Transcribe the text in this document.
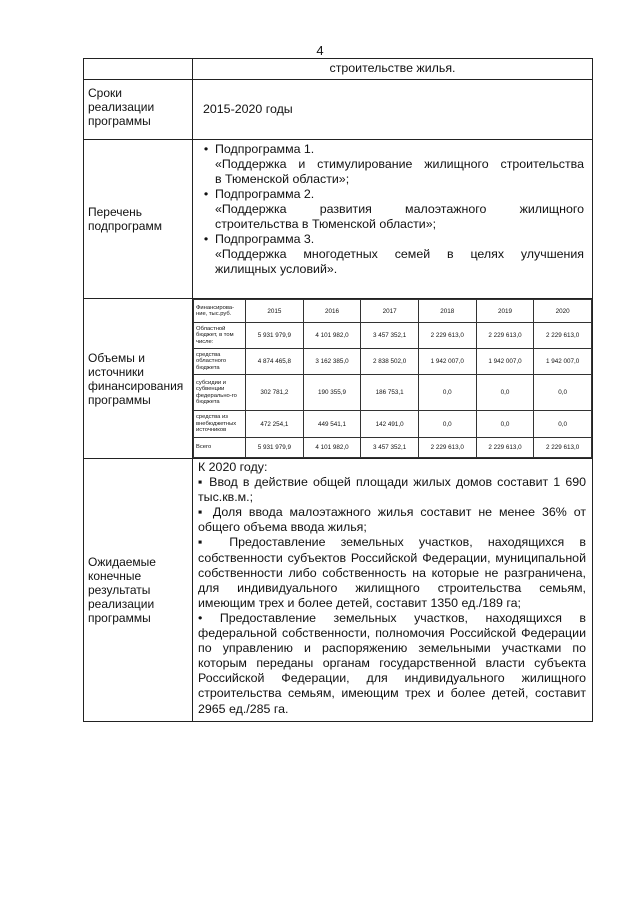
4
	строительстве жилья.
Сроки реализации программы	2015-2020 годы
Перечень подпрограмм	
• Подпрограмма 1.
«Поддержка и стимулирование жилищного строительства
в Тюменской области»;
• Подпрограмма 2.
«Поддержка развития малоэтажного жилищного
строительства в Тюменской области»;
• Подпрограмма 3.
«Поддержка многодетных семей в целях улучшения
жилищных условий».

Объемы и источники финансирования программы	
Финансирова-ние, тыс.руб.	2015	2016	2017	2018	2019	2020
Областной бюджет, в том числе:	5 931 979,9	4 101 982,0	3 457 352,1	2 229 613,0	2 229 613,0	2 229 613,0
средства областного бюджета	4 874 465,8	3 162 385,0	2 838 502,0	1 942 007,0	1 942 007,0	1 942 007,0
субсидии и субвенции федерально-го бюджета	302 781,2	190 355,9	186 753,1	0,0	0,0	0,0
средства из внебюджетных источников	472 254,1	449 541,1	142 491,0	0,0	0,0	0,0
Всего	5 931 979,9	4 101 982,0	3 457 352,1	2 229 613,0	2 229 613,0	2 229 613,0

Ожидаемые конечные результаты реализации программы	

К 2020 году:

▪ Ввод в действие общей площади жилых домов составит 1 690 тыс.кв.м.;

▪ Доля ввода малоэтажного жилья составит не менее 36% от общего объема ввода жилья;

▪ Предоставление земельных участков, находящихся в собственности субъектов Российской Федерации, муниципальной собственности либо собственность на которые не разграничена, для индивидуального жилищного строительства семьям, имеющим трех и более детей, составит 1350 ед./189 га;

• Предоставление земельных участков, находящихся в федеральной собственности, полномочия Российской Федерации по управлению и распоряжению земельными участками по которым переданы органам государственной власти субъекта Российской Федерации, для индивидуального жилищного строительства семьям, имеющим трех и более детей, составит 2965 ед./285 га.
